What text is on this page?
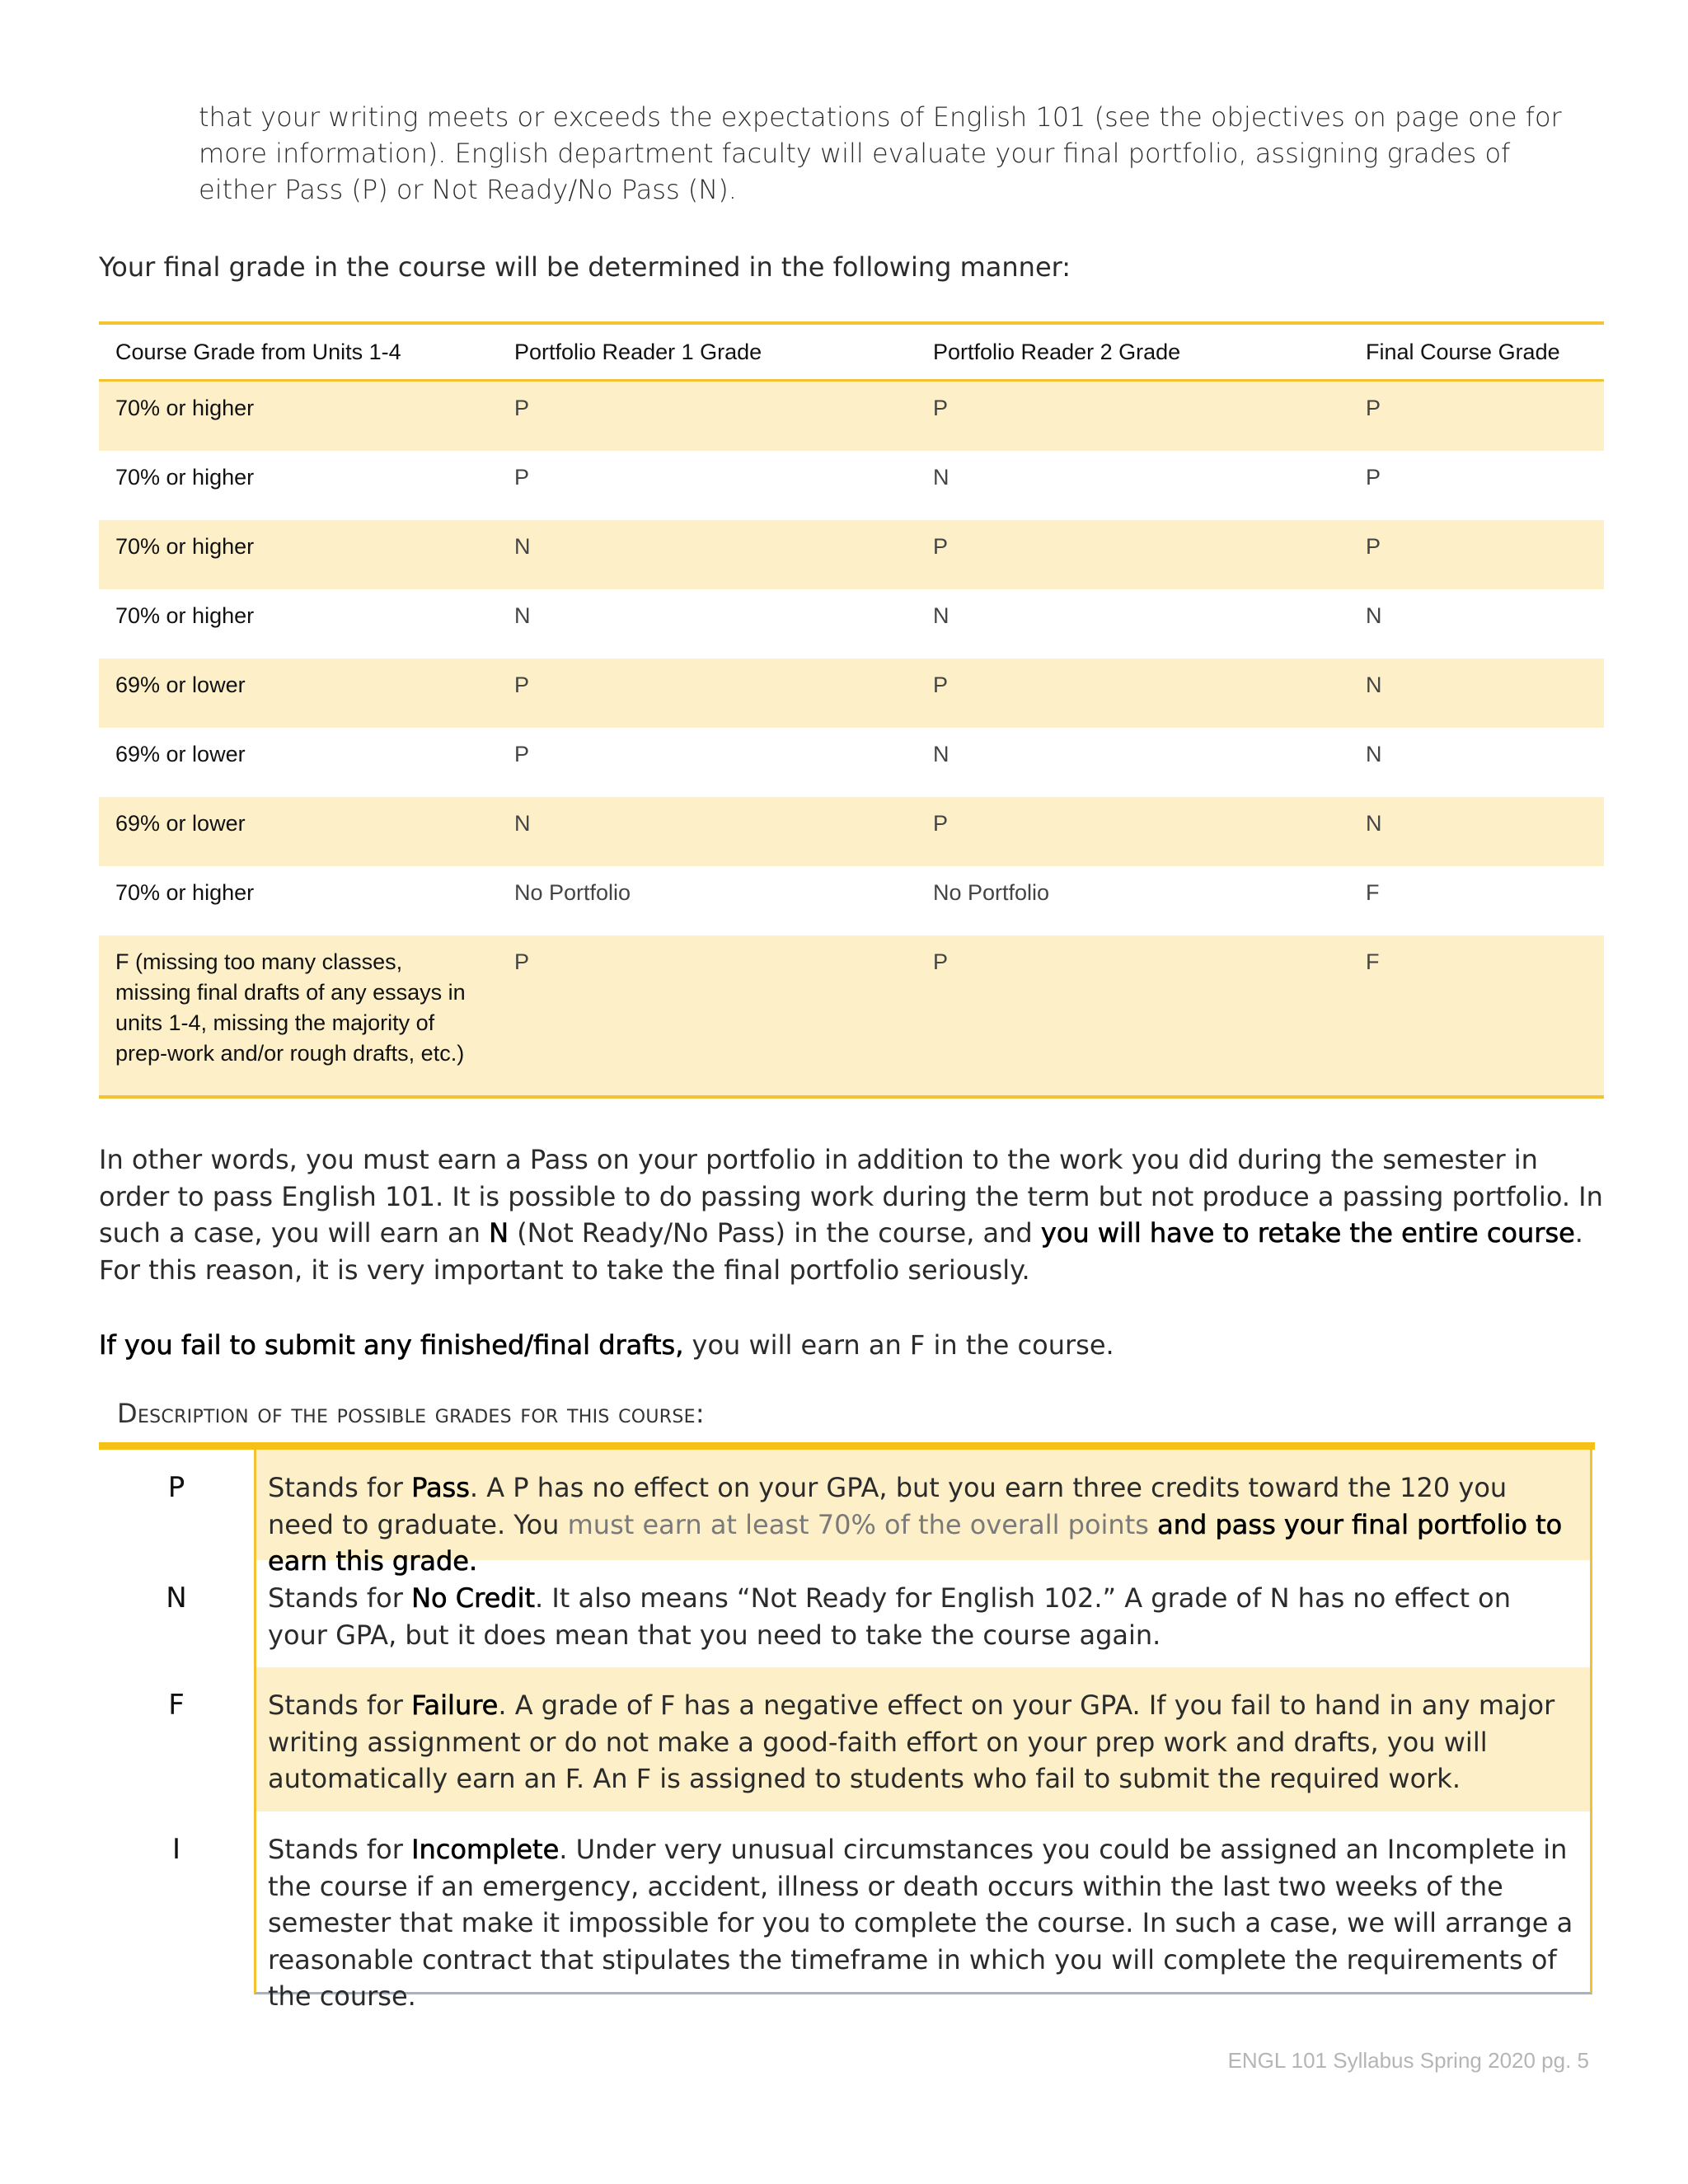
that your writing meets or exceeds the expectations of English 101 (see the objectives on page one for more information). English department faculty will evaluate your final portfolio, assigning grades of either Pass (P) or Not Ready/No Pass (N).

Your final grade in the course will be determined in the following manner:

Course Grade from Units 1-4	Portfolio Reader 1 Grade	Portfolio Reader 2 Grade	Final Course Grade
70% or higher	P	P	P
70% or higher	P	N	P
70% or higher	N	P	P
70% or higher	N	N	N
69% or lower	P	P	N
69% or lower	P	N	N
69% or lower	N	P	N
70% or higher	No Portfolio	No Portfolio	F
F (missing too many classes, missing final drafts of any essays in units 1-4, missing the majority of prep-work and/or rough drafts, etc.)	P	P	F

In other words, you must earn a Pass on your portfolio in addition to the work you did during the semester in order to pass English 101. It is possible to do passing work during the term but not produce a passing portfolio. In such a case, you will earn an N (Not Ready/No Pass) in the course, and you will have to retake the entire course. For this reason, it is very important to take the final portfolio seriously.

If you fail to submit any finished/final drafts, you will earn an F in the course.

Description of the possible grades for this course:
P	Stands for Pass. A P has no effect on your GPA, but you earn three credits toward the 120 you need to graduate. You must earn at least 70% of the overall points and pass your final portfolio to earn this grade.
N	Stands for No Credit. It also means “Not Ready for English 102.” A grade of N has no effect on your GPA, but it does mean that you need to take the course again.
F	Stands for Failure. A grade of F has a negative effect on your GPA. If you fail to hand in any major writing assignment or do not make a good-faith effort on your prep work and drafts, you will automatically earn an F. An F is assigned to students who fail to submit the required work.
I	Stands for Incomplete. Under very unusual circumstances you could be assigned an Incomplete in the course if an emergency, accident, illness or death occurs within the last two weeks of the semester that make it impossible for you to complete the course. In such a case, we will arrange a reasonable contract that stipulates the timeframe in which you will complete the requirements of the course.

ENGL 101 Syllabus Spring 2020 pg. 5
